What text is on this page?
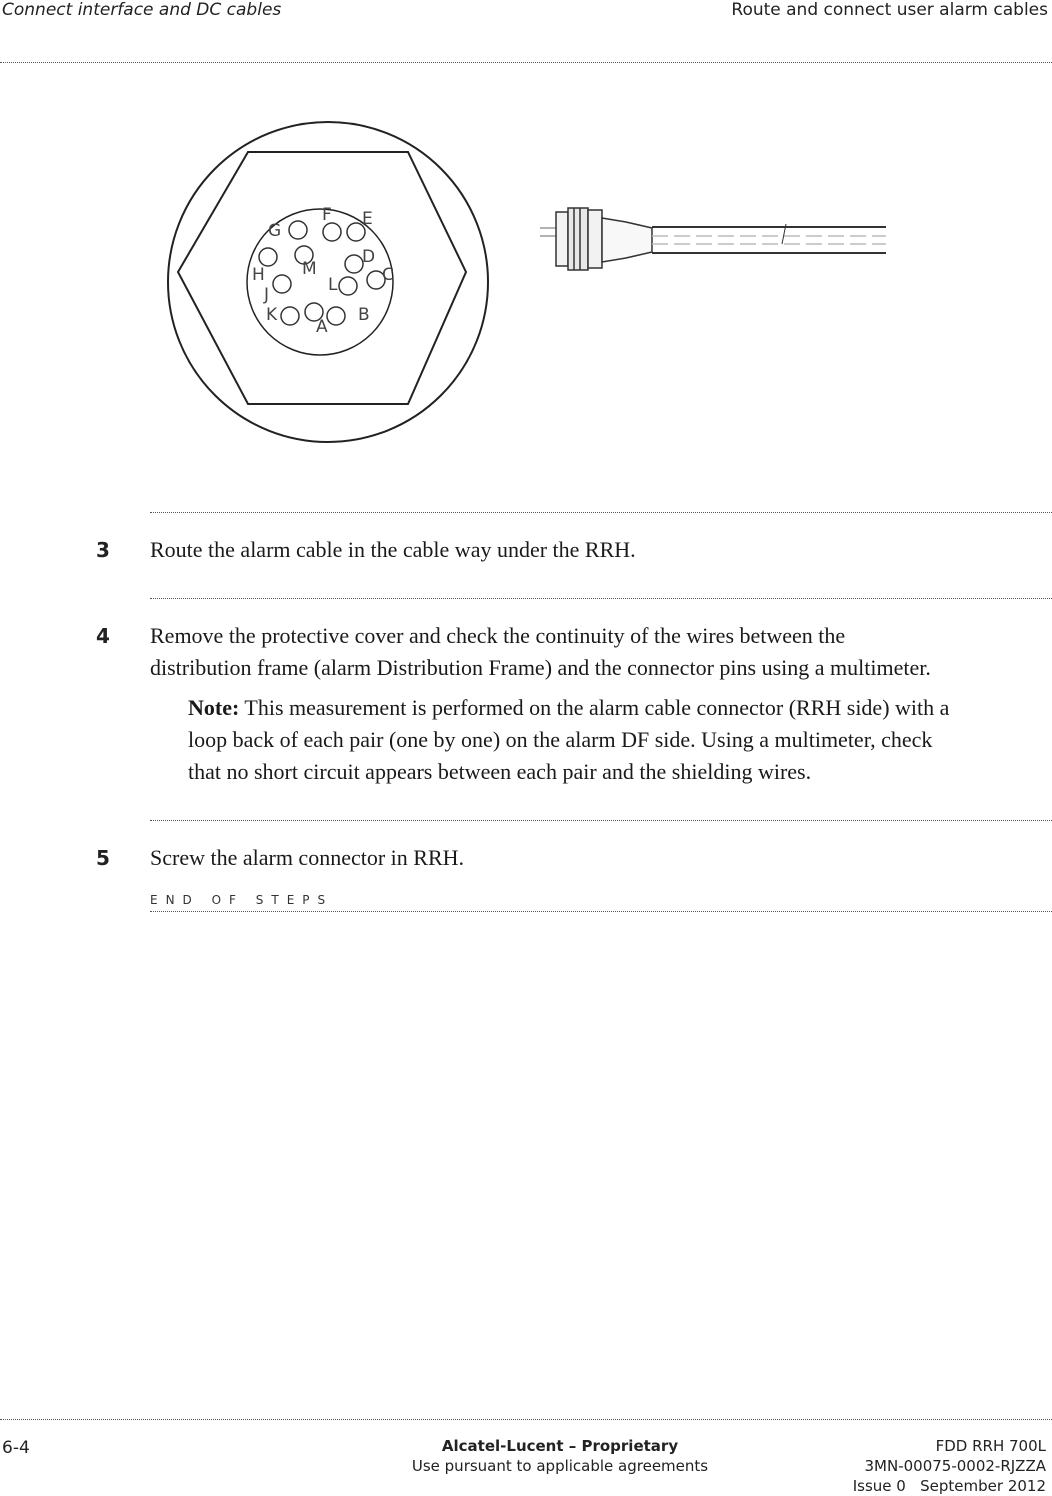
Connect interface and DC cables	Route and connect user alarm cables
F E
G
D
H M	C
L
J
K
A
B
3 Route the alarm cable in the cable way under the RRH.
4 Remove the protective cover and check the continuity of the wires between the
distribution frame (alarm Distribution Frame) and the connector pins using a multimeter.
Note: This measurement is performed on the alarm cable connector (RRH side) with a
loop back of each pair (one by one) on the alarm DF side. Using a multimeter, check
that no short circuit appears between each pair and the shielding wires.
5 Screw the alarm connector in RRH.
END OF STEPS
6-4	Alcatel-Lucent – Proprietary
Use pursuant to applicable agreements
FDD RRH 700L
3MN-00075-0002-RJZZA
Issue 0   September 2012
